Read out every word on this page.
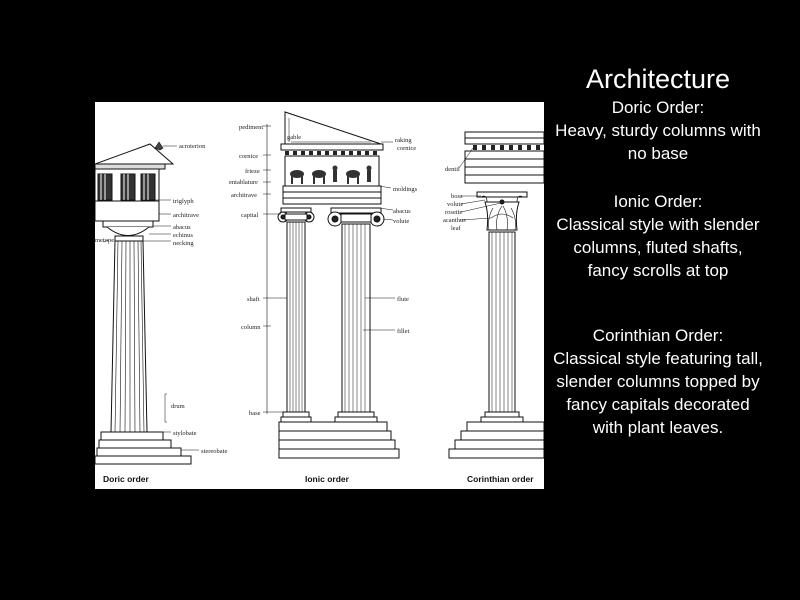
acroterion
triglyph
architrave
abacus
echinus
necking
metope
drum
stylobate
stereobate
Doric order
pediment
gable
cornice
frieze
entablature
architrave
capital
shaft
column
base
raking
cornice
moldings
abacus
volute
flute
fillet
Ionic order
dentil
boss
volute
rosette
acanthus
leaf
Corinthian order
Architecture
Doric Order:
Heavy, sturdy columns with no base
Ionic Order:
Classical style with slender columns, fluted shafts, fancy scrolls at top
Corinthian Order:
Classical style featuring tall, slender columns topped by fancy capitals decorated with plant leaves.
